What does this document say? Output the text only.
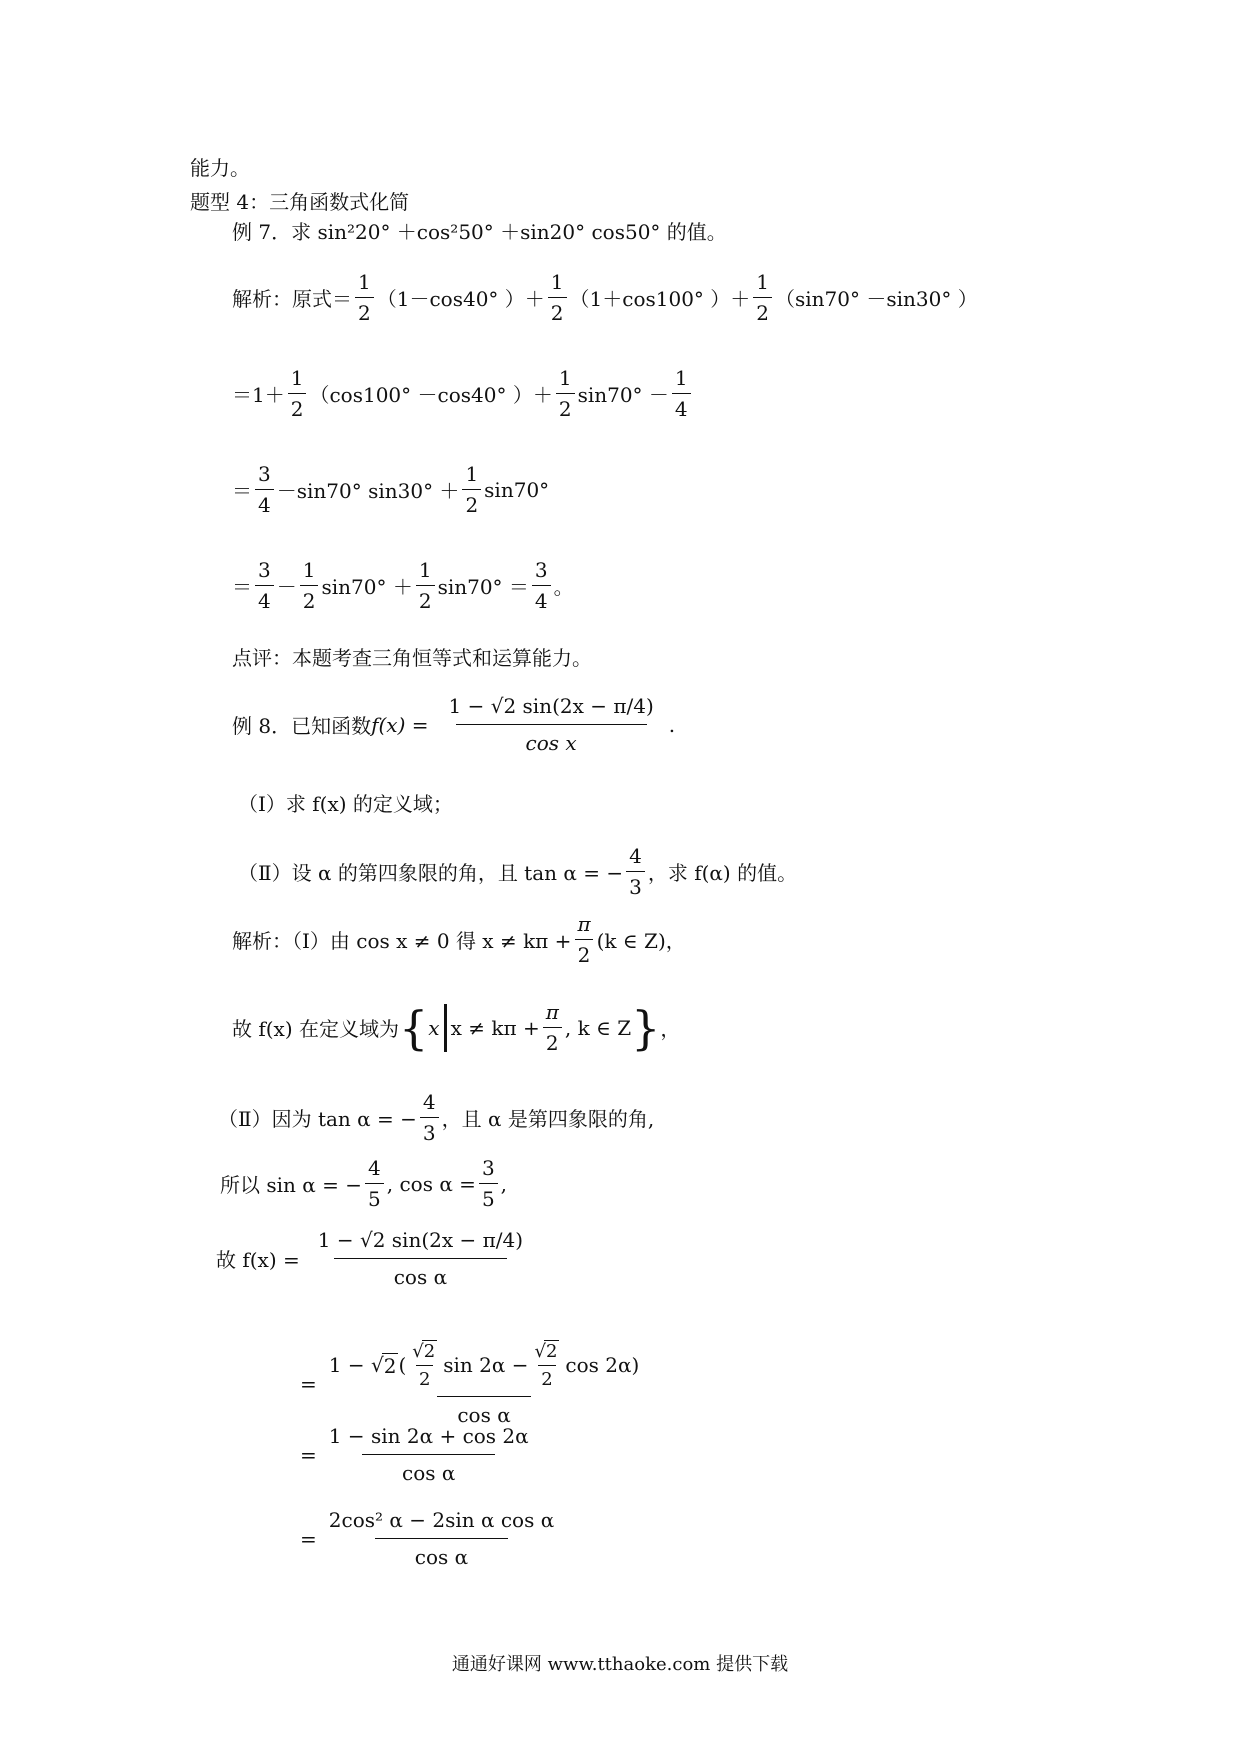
能力。
题型 4：三角函数式化简
例 7．求 sin²20° ＋cos²50° ＋sin20° cos50° 的值。
解析：原式＝ $\frac{1}{2} (1-\cos 40^\circ$ ）＋ $\frac{1}{2} (1+\cos 100^\circ$ ）＋ $\frac{1}{2} (\sin 70^\circ -\sin 30^\circ$ ）
$=1+ \frac{1}{2} (\cos 100^\circ -\cos 40^\circ$ ）＋ $\frac{1}{2} \sin 70^\circ - \frac{1}{4}$
＝ $\frac{3}{4} -\sin 70^\circ$ $\sin 30^\circ + \frac{1}{2} \sin 70^\circ$
＝ $\frac{3}{4} - \frac{1}{2} \sin 70^\circ + \frac{1}{2} \sin 70^\circ = \frac{3}{4}$ 。
点评：本题考查三角恒等式和运算能力。
例 8．已知函数 $f(x) = \frac{1 - √2 \sin(2x - \pi/4)}{\text{cos x}}$ .
（Ⅰ）求 f(x) 的定义域；
（Ⅱ）设 α 的第四象限的角，且 tan α = − $\frac{4}{3}$ ，求 f(α) 的值。
解析：（Ⅰ）由 cos x ≠ 0 得 $x \ne k\pi + \frac{\pi}{2} (k$ ∈ Z)，
故 f(x) 在定义域为 { x $x \ne k\pi + \frac{\pi}{2}$ , k ∈ Z } ，
（Ⅱ）因为 tan α = − $\frac{4}{3}$ ，且 α 是第四象限的角,
所以 sin α = − $\frac{4}{5}$ , $\cos \alpha = \frac{3}{5}$ ,
故 $f(x) = \frac{1 - √2 \sin(2x - \pi/4)}{\text{cos α}}$
=
1 − √ 2 ( $\frac{√2}{2}$ $\sin 2\alpha - \frac{√2}{2}$ cos 2α)
cos α
= $\frac{1 - \sin 2\alpha + \cos 2\alpha}{\text{cos α}}$
= $\frac{\text{2cos² α − 2sin α cos α}}{\text{cos α}}$
通通好课网 www.tthaoke.com 提供下载
